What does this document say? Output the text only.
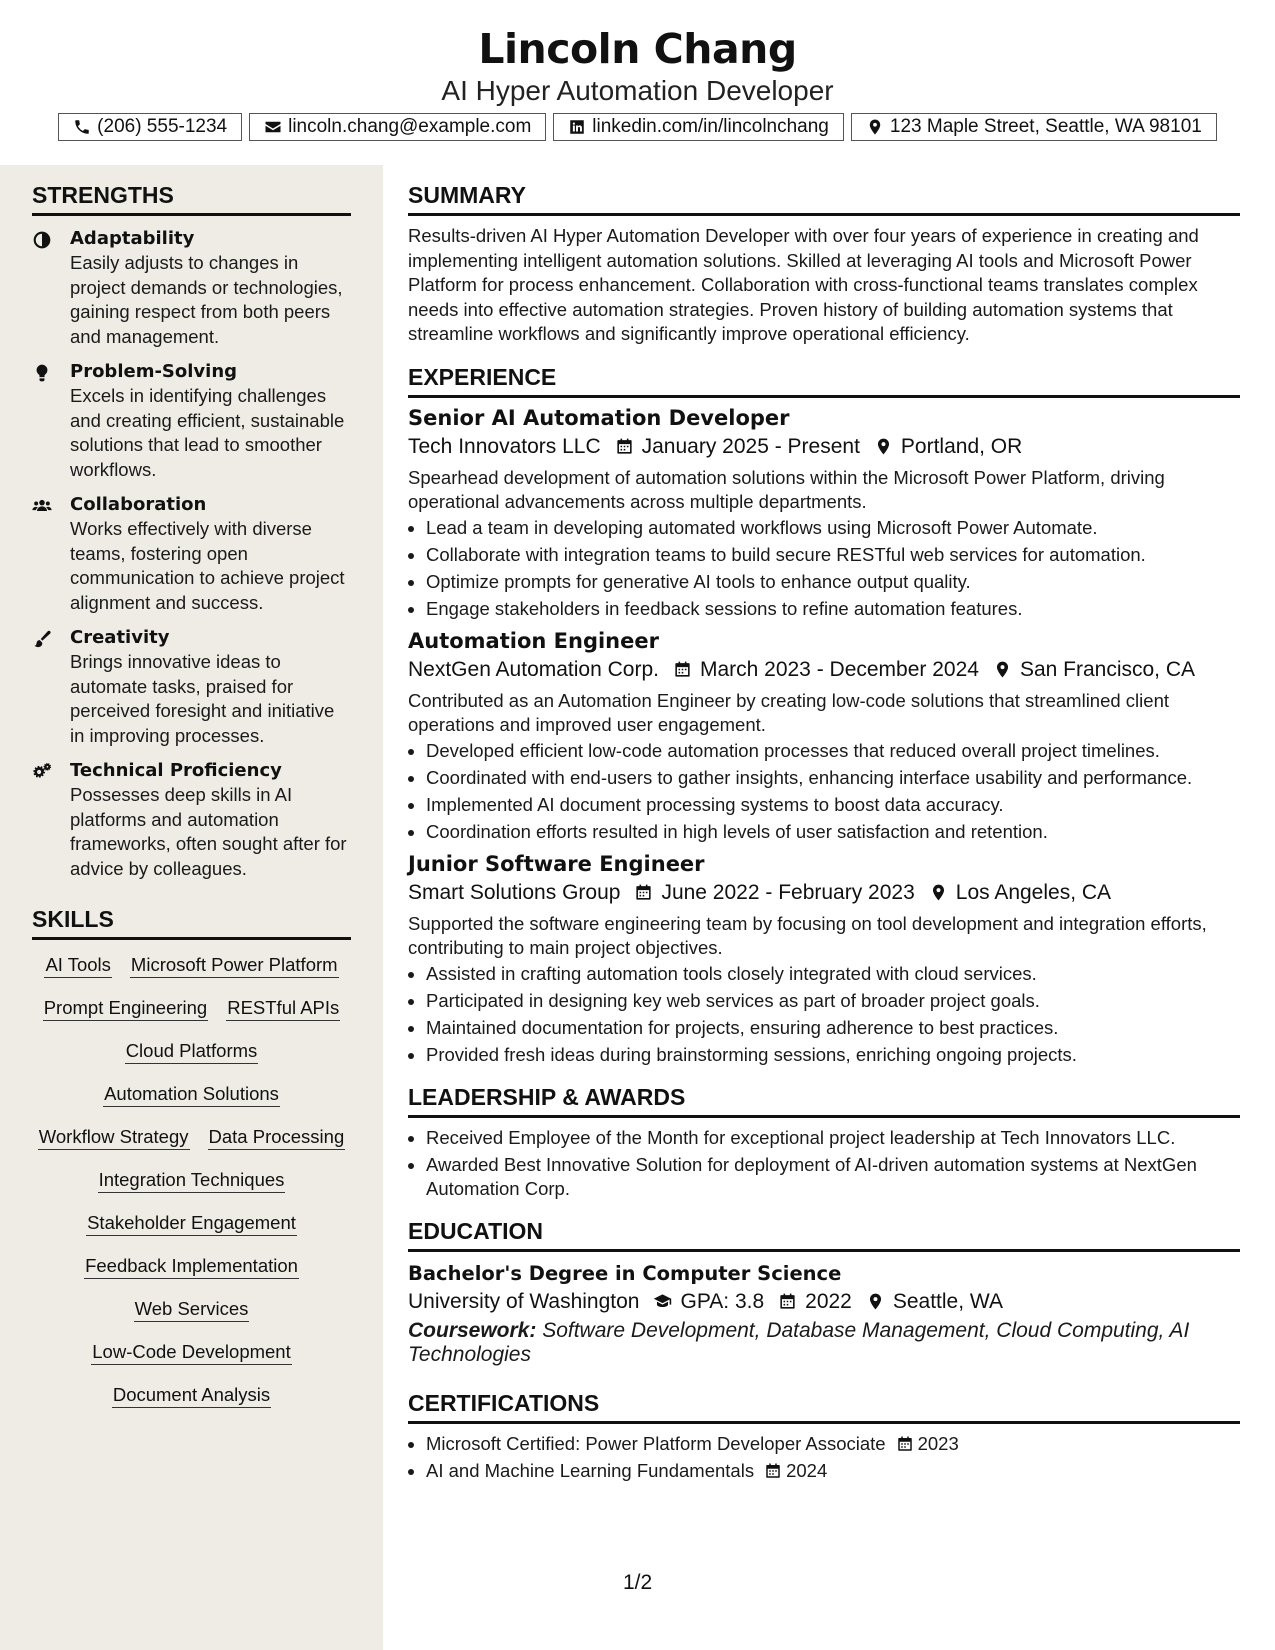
Lincoln Chang
AI Hyper Automation Developer
(206) 555-1234	lincoln.chang@example.com	linkedin.com/in/lincolnchang	123 Maple Street, Seattle, WA 98101
STRENGTHS
Adaptability
Easily adjusts to changes in project demands or technologies, gaining respect from both peers and management.
Problem-Solving
Excels in identifying challenges and creating efficient, sustainable solutions that lead to smoother workflows.
Collaboration
Works effectively with diverse teams, fostering open communication to achieve project alignment and success.
Creativity
Brings innovative ideas to automate tasks, praised for perceived foresight and initiative in improving processes.
Technical Proficiency
Possesses deep skills in AI platforms and automation frameworks, often sought after for advice by colleagues.
SKILLS
AI Tools Microsoft Power Platform
Prompt Engineering RESTful APIs
Cloud Platforms
Automation Solutions
Workflow Strategy Data Processing
Integration Techniques
Stakeholder Engagement
Feedback Implementation
Web Services
Low-Code Development
Document Analysis
SUMMARY
Results-driven AI Hyper Automation Developer with over four years of experience in creating and implementing intelligent automation solutions. Skilled at leveraging AI tools and Microsoft Power Platform for process enhancement. Collaboration with cross-functional teams translates complex needs into effective automation strategies. Proven history of building automation systems that streamline workflows and significantly improve operational efficiency.
EXPERIENCE
Senior AI Automation Developer
Tech Innovators LLC January 2025 - Present Portland, OR
Spearhead development of automation solutions within the Microsoft Power Platform, driving operational advancements across multiple departments.
• Lead a team in developing automated workflows using Microsoft Power Automate.
• Collaborate with integration teams to build secure RESTful web services for automation.
• Optimize prompts for generative AI tools to enhance output quality.
• Engage stakeholders in feedback sessions to refine automation features.
Automation Engineer
NextGen Automation Corp. March 2023 - December 2024 San Francisco, CA
Contributed as an Automation Engineer by creating low-code solutions that streamlined client operations and improved user engagement.
• Developed efficient low-code automation processes that reduced overall project timelines.
• Coordinated with end-users to gather insights, enhancing interface usability and performance.
• Implemented AI document processing systems to boost data accuracy.
• Coordination efforts resulted in high levels of user satisfaction and retention.
Junior Software Engineer
Smart Solutions Group June 2022 - February 2023 Los Angeles, CA
Supported the software engineering team by focusing on tool development and integration efforts, contributing to main project objectives.
• Assisted in crafting automation tools closely integrated with cloud services.
• Participated in designing key web services as part of broader project goals.
• Maintained documentation for projects, ensuring adherence to best practices.
• Provided fresh ideas during brainstorming sessions, enriching ongoing projects.
LEADERSHIP & AWARDS
• Received Employee of the Month for exceptional project leadership at Tech Innovators LLC.
• Awarded Best Innovative Solution for deployment of AI-driven automation systems at NextGen Automation Corp.
EDUCATION
Bachelor's Degree in Computer Science
University of Washington GPA: 3.8 2022 Seattle, WA
Coursework: Software Development, Database Management, Cloud Computing, AI Technologies
CERTIFICATIONS
• Microsoft Certified: Power Platform Developer Associate 2023
• AI and Machine Learning Fundamentals 2024
1/2
